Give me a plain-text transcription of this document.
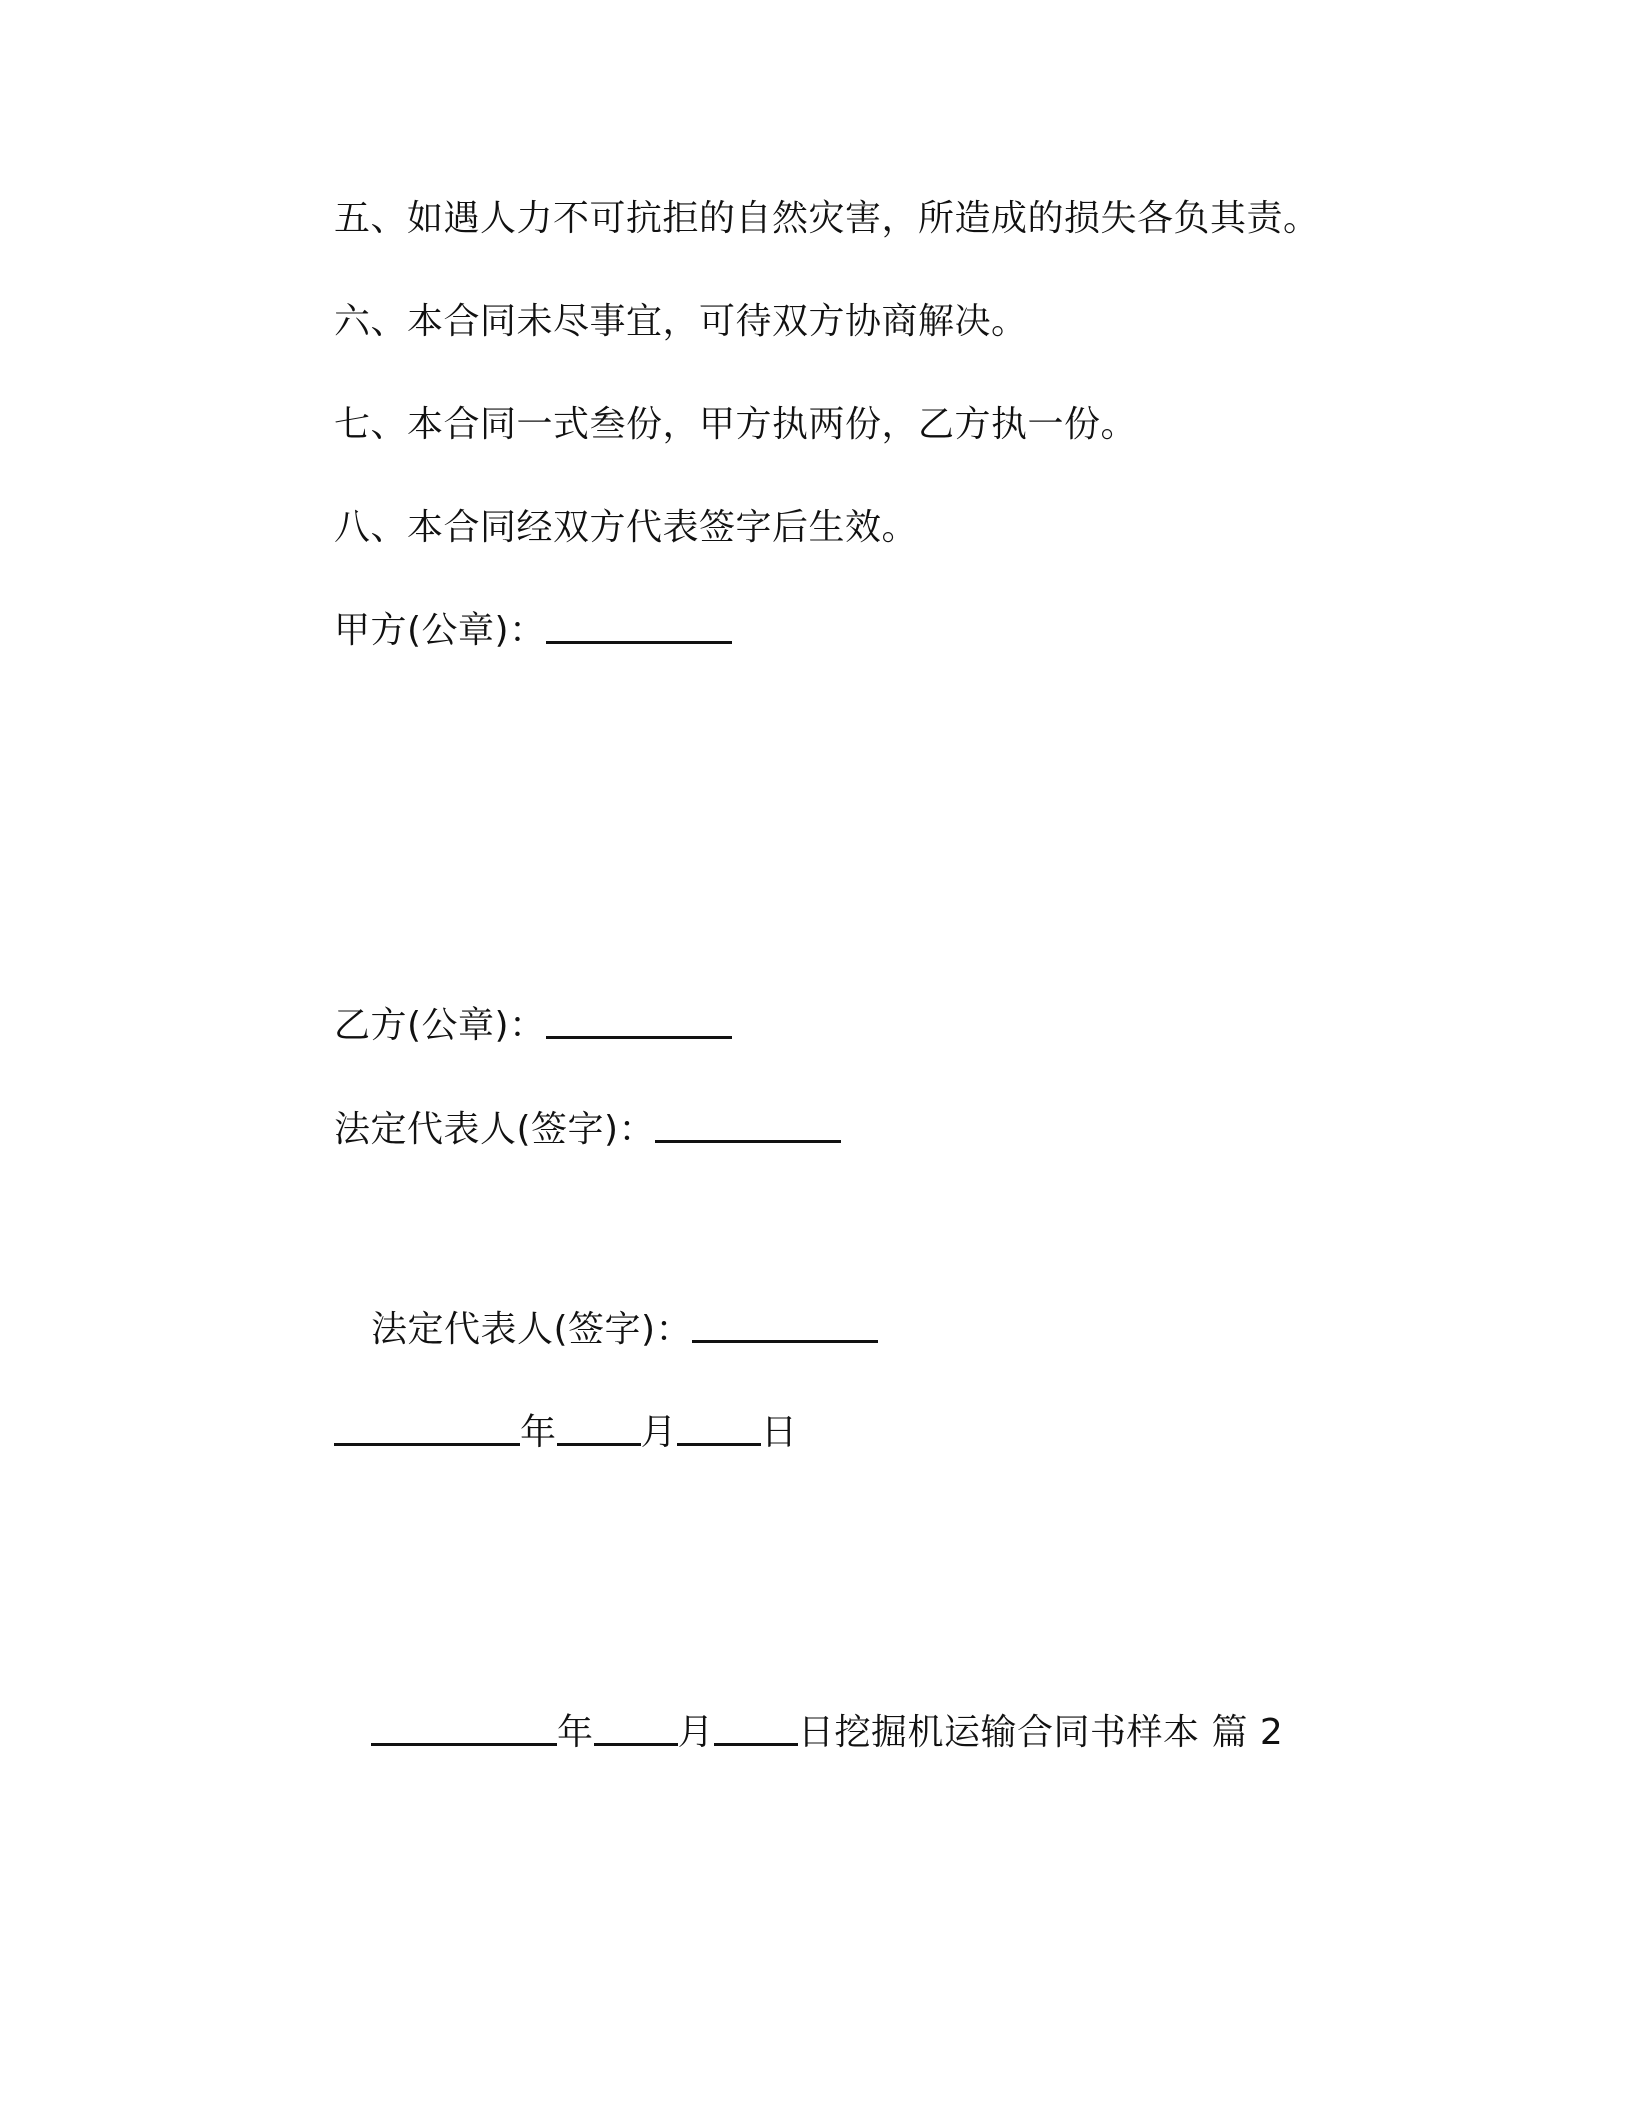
五、如遇人力不可抗拒的自然灾害，所造成的损失各负其责。
六、本合同未尽事宜，可待双方协商解决。
七、本合同一式叁份，甲方执两份，乙方执一份。
八、本合同经双方代表签字后生效。
甲方(公章)：
乙方(公章)：
法定代表人(签字)：
法定代表人(签字)：
年 月 日
年 月 日挖掘机运输合同书样本 篇 2
